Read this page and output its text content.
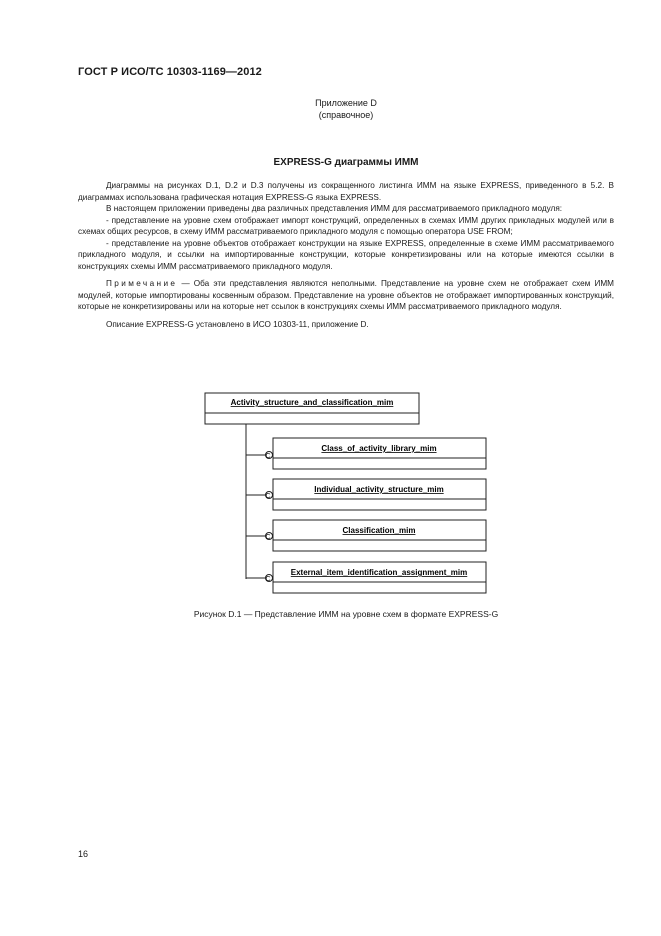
ГОСТ Р ИСО/ТС 10303-1169—2012
Приложение D
(справочное)
EXPRESS-G диаграммы ИММ

Диаграммы на рисунках D.1, D.2 и D.3 получены из сокращенного листинга ИММ на языке EXPRESS, приведенного в 5.2. В диаграммах использована графическая нотация EXPRESS-G языка EXPRESS.

В настоящем приложении приведены два различных представления ИММ для рассматриваемого прикладного модуля:

- представление на уровне схем отображает импорт конструкций, определенных в схемах ИММ других прикладных модулей или в схемах общих ресурсов, в схему ИММ рассматриваемого прикладного модуля с помощью оператора USE FROM;

- представление на уровне объектов отображает конструкции на языке EXPRESS, определенные в схеме ИММ рассматриваемого прикладного модуля, и ссылки на импортированные конструкции, которые конкретизированы или на которые имеются ссылки в конструкциях схемы ИММ рассматриваемого прикладного модуля.

Примечание — Оба эти представления являются неполными. Представление на уровне схем не отображает схем ИММ модулей, которые импортированы косвенным образом. Представление на уровне объектов не отображает импортированных конструкций, которые не конкретизированы или на которые нет ссылок в конструкциях схемы ИММ рассматриваемого прикладного модуля.

Описание EXPRESS-G установлено в ИСО 10303-11, приложение D.

Activity_structure_and_classification_mim
C
Class_of_activity_library_mim
C
Individual_activity_structure_mim
C
Classification_mim
C
External_item_identification_assignment_mim
Рисунок D.1 — Представление ИММ на уровне схем в формате EXPRESS-G
16
